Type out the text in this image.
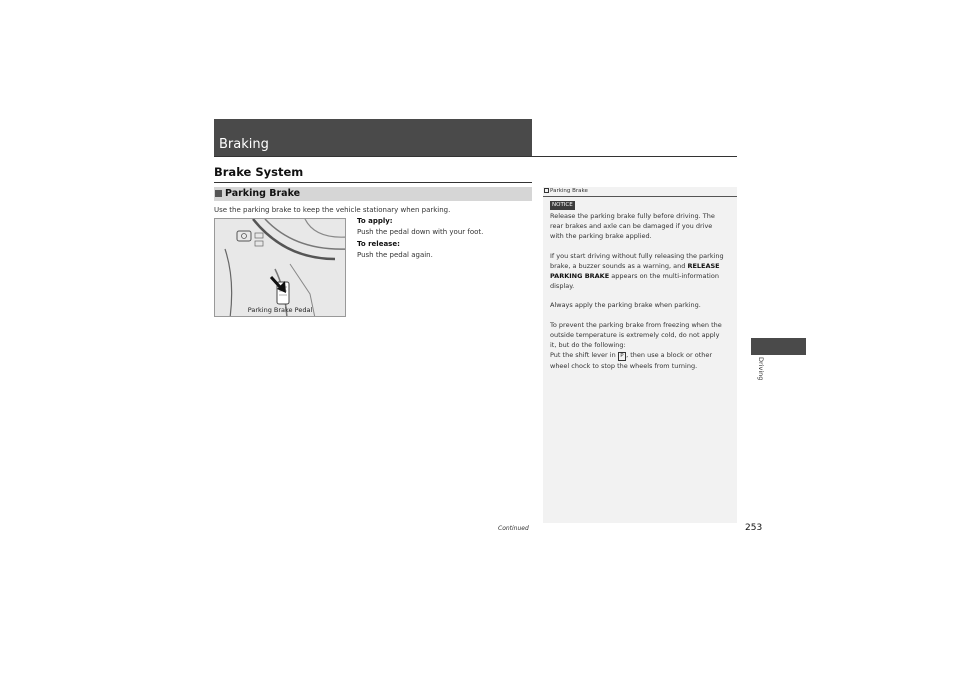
Braking
Brake System
Parking Brake
Use the parking brake to keep the vehicle stationary when parking.
Parking Brake Pedal
To apply:
Push the pedal down with your foot.
To release:
Push the pedal again.
Parking Brake
NOTICE
Release the parking brake fully before driving. The
rear brakes and axle can be damaged if you drive
with the parking brake applied.
If you start driving without fully releasing the parking
brake, a buzzer sounds as a warning, and RELEASE
PARKING BRAKE appears on the multi-information
display.
Always apply the parking brake when parking.
To prevent the parking brake from freezing when the
outside temperature is extremely cold, do not apply
it, but do the following:
Put the shift lever in P , then use a block or other
wheel chock to stop the wheels from turning.	Driving
Continued	253
